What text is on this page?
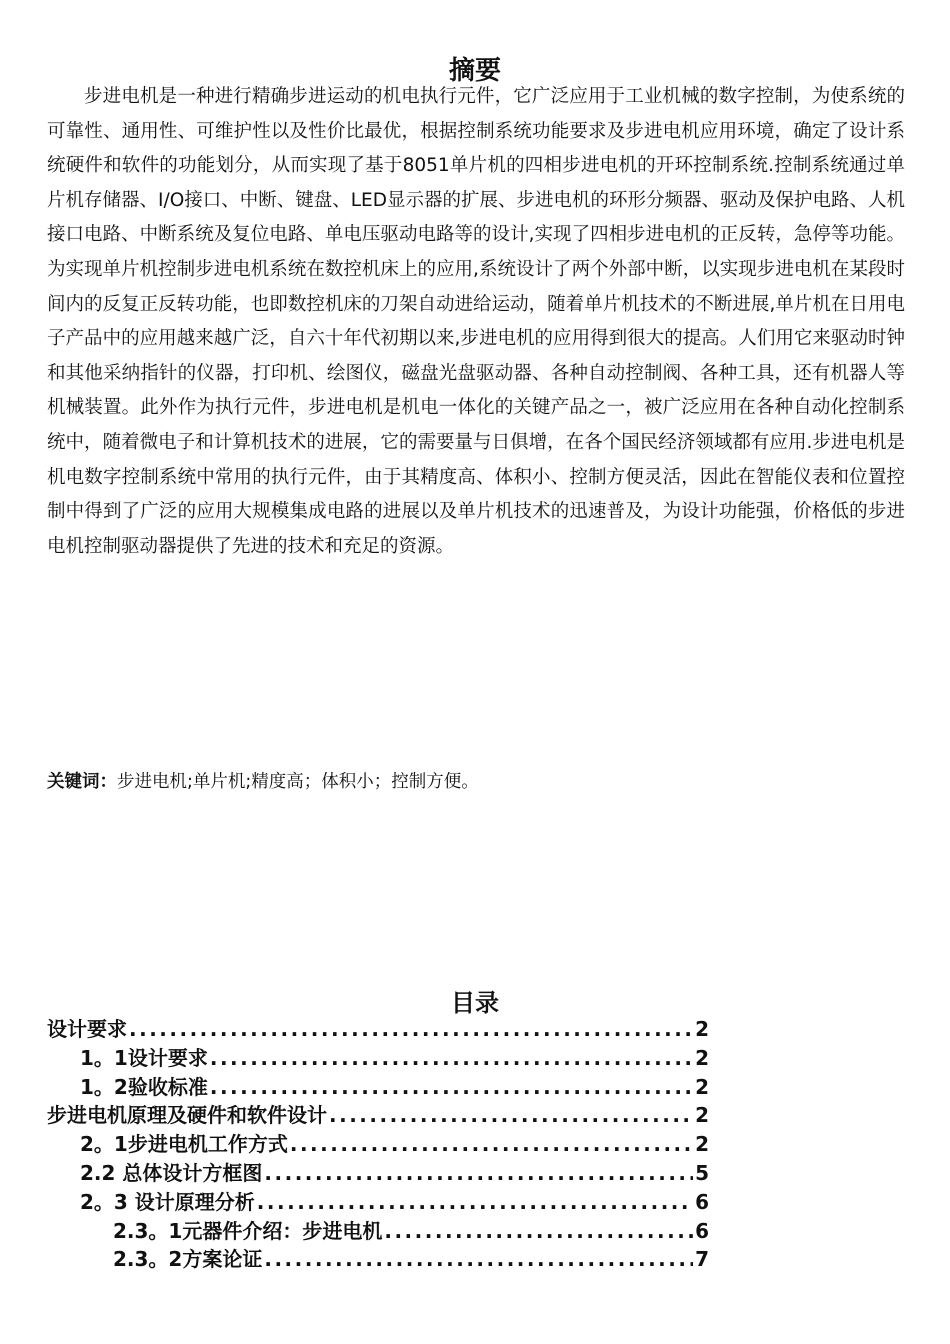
摘要

步进电机是一种进行精确步进运动的机电执行元件，它广泛应用于工业机械的数字控制，为使系统的可靠性、通用性、可维护性以及性价比最优，根据控制系统功能要求及步进电机应用环境，确定了设计系统硬件和软件的功能划分，从而实现了基于8051单片机的四相步进电机的开环控制系统.控制系统通过单片机存储器、I/O接口、中断、键盘、LED显示器的扩展、步进电机的环形分频器、驱动及保护电路、人机接口电路、中断系统及复位电路、单电压驱动电路等的设计,实现了四相步进电机的正反转，急停等功能。为实现单片机控制步进电机系统在数控机床上的应用,系统设计了两个外部中断，以实现步进电机在某段时间内的反复正反转功能，也即数控机床的刀架自动进给运动，随着单片机技术的不断进展,单片机在日用电子产品中的应用越来越广泛，自六十年代初期以来,步进电机的应用得到很大的提高。人们用它来驱动时钟和其他采纳指针的仪器，打印机、绘图仪，磁盘光盘驱动器、各种自动控制阀、各种工具，还有机器人等机械装置。此外作为执行元件，步进电机是机电一体化的关键产品之一，被广泛应用在各种自动化控制系统中，随着微电子和计算机技术的进展，它的需要量与日俱增，在各个国民经济领域都有应用.步进电机是机电数字控制系统中常用的执行元件，由于其精度高、体积小、控制方便灵活，因此在智能仪表和位置控制中得到了广泛的应用大规模集成电路的进展以及单片机技术的迅速普及，为设计功能强，价格低的步进电机控制驱动器提供了先进的技术和充足的资源。

关键词：步进电机;单片机;精度高；体积小；控制方便。

目录
设计要求 .....	2
1。1设计要求 .....	2
1。2验收标准 .....	2
步进电机原理及硬件和软件设计 .....	2
2。1步进电机工作方式 .....	2
2.2 总体设计方框图 .....	5
2。3 设计原理分析 .....	6
2.3。1元器件介绍：步进电机 .....	6
2.3。2方案论证 .....	7
